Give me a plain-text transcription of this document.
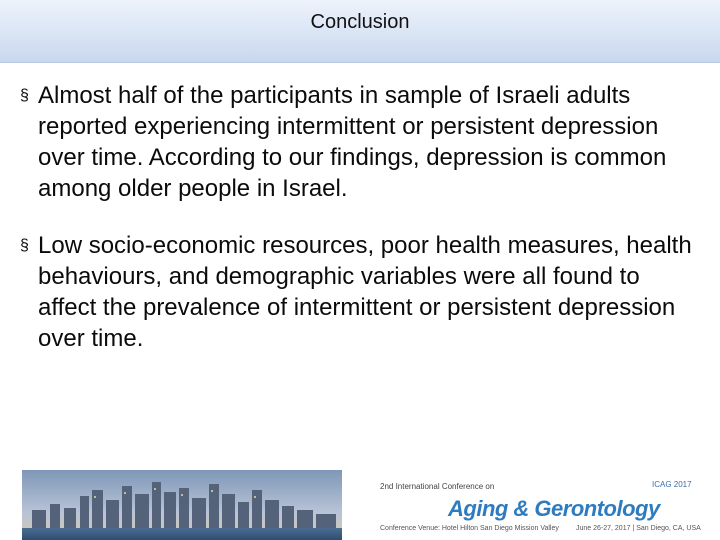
Conclusion
§ Almost half of the participants in sample of Israeli adults reported experiencing intermittent or persistent depression over time. According to our findings, depression is common among older people in Israel.
§ Low socio-economic resources, poor health measures, health behaviours, and demographic variables were all found to affect the prevalence of intermittent or persistent depression over time.
2nd International Conference on
Aging & Gerontology
Conference Venue: Hotel Hilton San Diego Mission Valley June 26-27, 2017 | San Diego, CA, USA
ICAG 2017
